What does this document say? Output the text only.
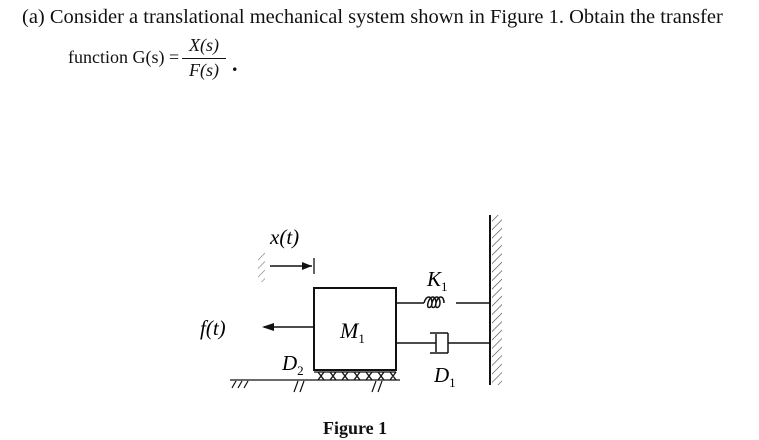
(a) Consider a translational mechanical system shown in Figure 1. Obtain the transfer
function G(s) =
X(s)
F(s) .
x(t)
$M_1$
f(t)
$K_1$
$D_1$
$D_2$
Figure 1
